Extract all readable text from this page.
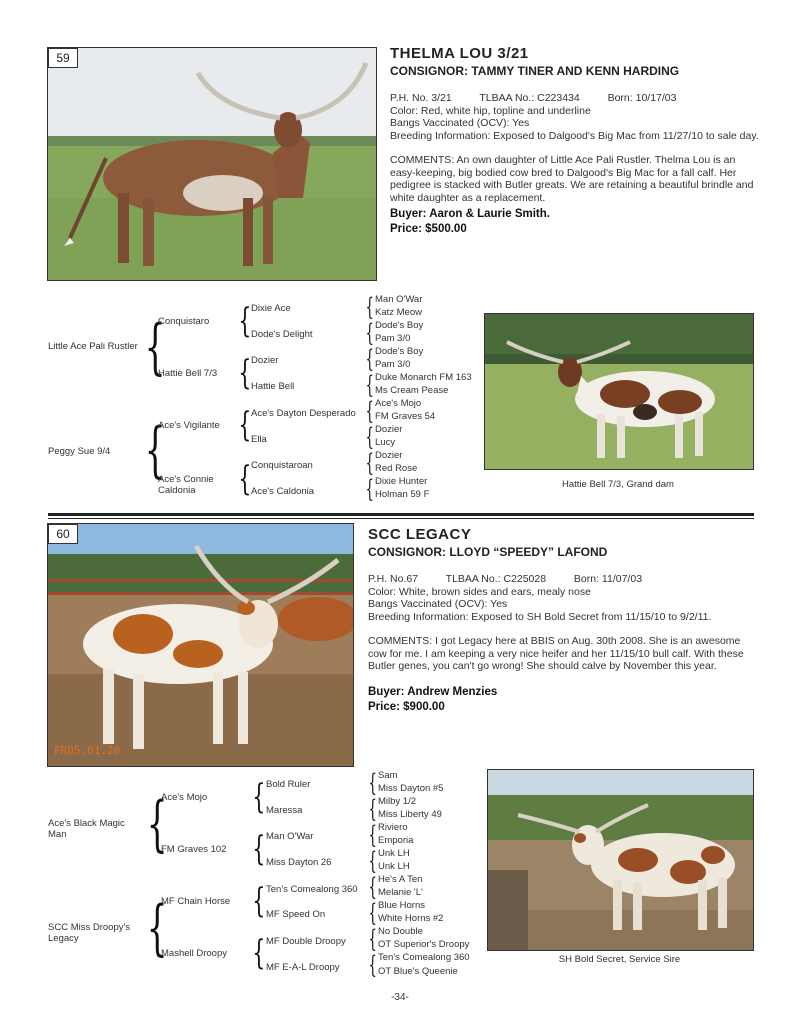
59	THELMA LOU 3/21
CONSIGNOR: TAMMY TINER AND KENN HARDING
P.H. No. 3/21	TLBAA No.: C223434	Born: 10/17/03
Color: Red, white hip, topline and underline
Bangs Vaccinated (OCV): Yes
Breeding Information: Exposed to Dalgood's Big Mac from 11/27/10 to sale day.
COMMENTS: An own daughter of Little Ace Pali Rustler. Thelma Lou is an easy-keeping, big bodied cow bred to Dalgood's Big Mac for a fall calf. Her pedigree is stacked with Butler greats. We are retaining a beautiful brindle and white daughter as a replacement.
Buyer: Aaron & Laurie Smith.
Price: $500.00
Little Ace Pali Rustler
Peggy Sue 9/4
{
{
Conquistaro
Hattie Bell 7/3
Ace's Vigilante
Ace's Connie Caldonia
{
{
{
{
Dixie Ace
Dode's Delight
Dozier
Hattie Bell
Ace's Dayton Desperado
Ella
Conquistaroan
Ace's Caldonia
{
{
{
{
{
{
{
{
Man O'War
Katz Meow
Dode's Boy
Pam 3/0
Dode's Boy
Pam 3/0
Duke Monarch FM 163
Ms Cream Pease
Ace's Mojo
FM Graves 54
Dozier
Lucy
Dozier
Red Rose
Dixie Hunter
Holman 59 F
Hattie Bell 7/3, Grand dam
60
FR05.01.20
SCC LEGACY
CONSIGNOR: LLOYD “SPEEDY” LAFOND
P.H. No.67	TLBAA No.: C225028	Born: 11/07/03
Color: White, brown sides and ears, mealy nose
Bangs Vaccinated (OCV): Yes
Breeding Information: Exposed to SH Bold Secret from 11/15/10 to 9/2/11.
COMMENTS: I got Legacy here at BBIS on Aug. 30th 2008. She is an awesome cow for me. I am keeping a very nice heifer and her 11/15/10 bull calf. With these Butler genes, you can't go wrong! She should calve by November this year.
Buyer: Andrew Menzies
Price: $900.00
Ace's Black Magic Man
SCC Miss Droopy's Legacy
{
{
Ace's Mojo
FM Graves 102
MF Chain Horse
Mashell Droopy
{
{
{
{
Bold Ruler
Maressa
Man O'War
Miss Dayton 26
Ten's Comealong 360
MF Speed On
MF Double Droopy
MF E-A-L Droopy
{
{
{
{
{
{
{
{
Sam
Miss Dayton #5
Milby 1/2
Miss Liberty 49
Riviero
Emporia
Unk LH
Unk LH
He's A Ten
Melanie 'L'
Blue Horns
White Horns #2
No Double
OT Superior's Droopy
Ten's Comealong 360
OT Blue's Queenie
SH Bold Secret, Service Sire
-34-
